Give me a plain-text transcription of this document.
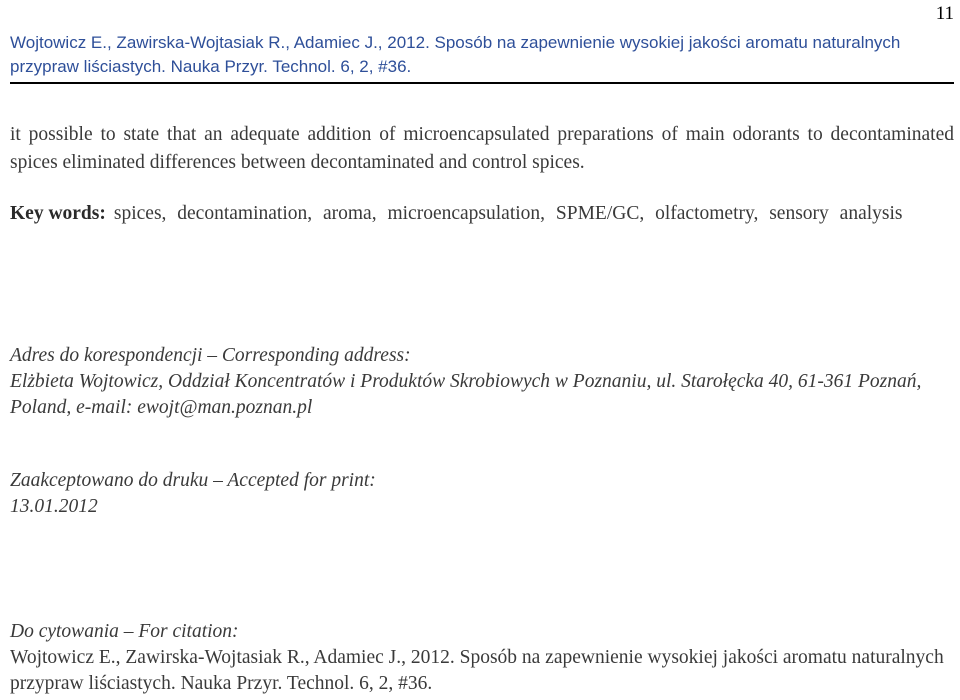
11
Wojtowicz E., Zawirska-Wojtasiak R., Adamiec J., 2012. Sposób na zapewnienie wysokiej jakości aromatu naturalnych przypraw liściastych. Nauka Przyr. Technol. 6, 2, #36.
it possible to state that an adequate addition of microencapsulated preparations of main odorants to decontaminated spices eliminated differences between decontaminated and control spices.
Key words: spices, decontamination, aroma, microencapsulation, SPME/GC, olfactometry, sensory analysis

Adres do korespondencji – Corresponding address:

Elżbieta Wojtowicz, Oddział Koncentratów i Produktów Skrobiowych w Poznaniu, ul. Starołęcka 40, 61-361 Poznań, Poland, e-mail: ewojt@man.poznan.pl

Zaakceptowano do druku – Accepted for print:

13.01.2012

Do cytowania – For citation:

Wojtowicz E., Zawirska-Wojtasiak R., Adamiec J., 2012. Sposób na zapewnienie wysokiej jakości aromatu naturalnych przypraw liściastych. Nauka Przyr. Technol. 6, 2, #36.
